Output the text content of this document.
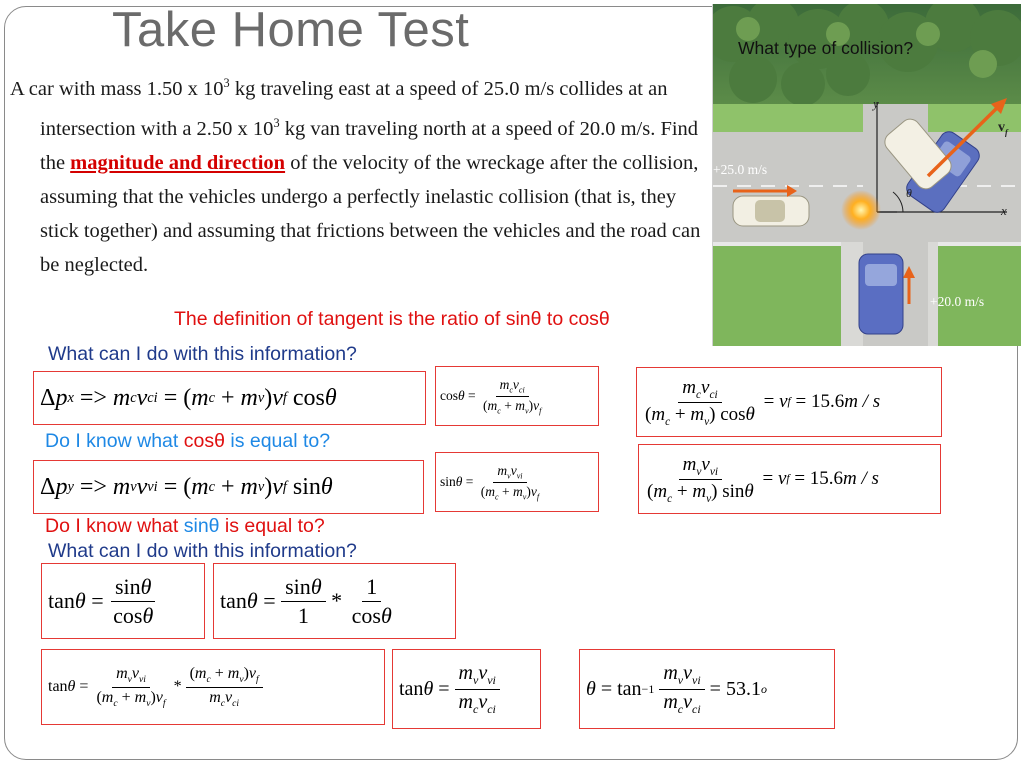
Take Home Test

A car with mass 1.50 x $10^3$ kg traveling east at a speed of 25.0 m/s collides at an intersection with a 2.50 x $10^3$ kg van traveling north at a speed of 20.0 m/s. Find the magnitude and direction of the velocity of the wreckage after the collision, assuming that the vehicles undergo a perfectly inelastic collision (that is, they stick together) and assuming that frictions between the vehicles and the road can be neglected.

The definition of tangent is the ratio of sinθ to cosθ
+25.0 m/s
+20.0 m/s
x
y
θ
$v_f$
What type of collision?
What can I do with this information?
Δ p x => m c v ci = ( m c + m v ) v f cos θ	$\cos \theta = \frac{m_cv_{ci}}{(m_c + m_v)v_f}$	$\frac{m_cv_{ci}}{(m_c + m_v) \cos\theta} = v$ f = 15.6 m / s
Do I know what cosθ is equal to?
Δ p y => m v v vi = ( m c + m v ) v f sin θ	$\sin \theta = \frac{m_vv_{vi}}{(m_c + m_v)v_f}$	$\frac{m_vv_{vi}}{(m_c + m_v) \sin\theta} = v$ f = 15.6 m / s
Do I know what sinθ is equal to?
What can I do with this information?
$\tan \theta = \frac{\sin\theta}{\cos\theta}$	$\tan \theta = \frac{\sin\theta}{1} * \frac{1}{\cos\theta}$
$\tan \theta = \frac{m_vv_{vi}}{(m_c + m_v)v_f} * \frac{(m_c + m_v)v_f}{m_cv_{ci}}$	$\tan \theta = \frac{m_vv_{vi}}{m_cv_{ci}}$	θ = tan −1
$\frac{m_vv_{vi}}{m_cv_{ci}} = 53.1$ o
